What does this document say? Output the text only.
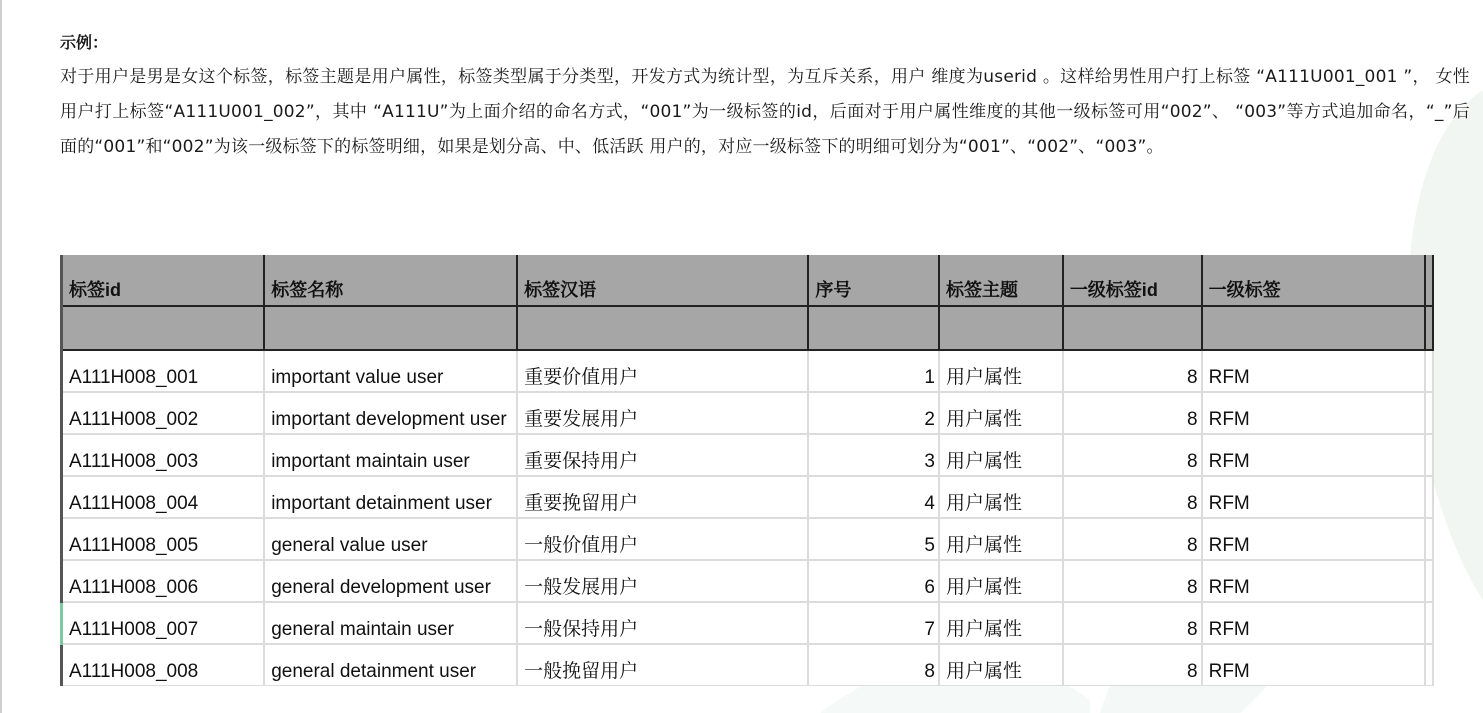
示例：

对于用户是男是女这个标签，标签主题是用户属性，标签类型属于分类型，开发方式为统计型，为互斥关系，用户 维度为userid 。这样给男性用户打上标签 “A111U001_001 ”， 女性用户打上标签“A111U001_002”，其中 “A111U”为上面介绍的命名方式，“001”为一级标签的id，后面对于用户属性维度的其他一级标签可用“002”、 “003”等方式追加命名，“_”后面的“001”和“002”为该一级标签下的标签明细，如果是划分高、中、低活跃 用户的，对应一级标签下的明细可划分为“001”、“002”、“003”。

标签id	标签名称	标签汉语	序号	标签主题	一级标签id	一级标签	

A111H008_001	important value user	重要价值用户	1	用户属性	8	RFM	
A111H008_002	important development user	重要发展用户	2	用户属性	8	RFM	
A111H008_003	important maintain user	重要保持用户	3	用户属性	8	RFM	
A111H008_004	important detainment user	重要挽留用户	4	用户属性	8	RFM	
A111H008_005	general value user	一般价值用户	5	用户属性	8	RFM	
A111H008_006	general development user	一般发展用户	6	用户属性	8	RFM	
A111H008_007	general maintain user	一般保持用户	7	用户属性	8	RFM	
A111H008_008	general detainment user	一般挽留用户	8	用户属性	8	RFM	
